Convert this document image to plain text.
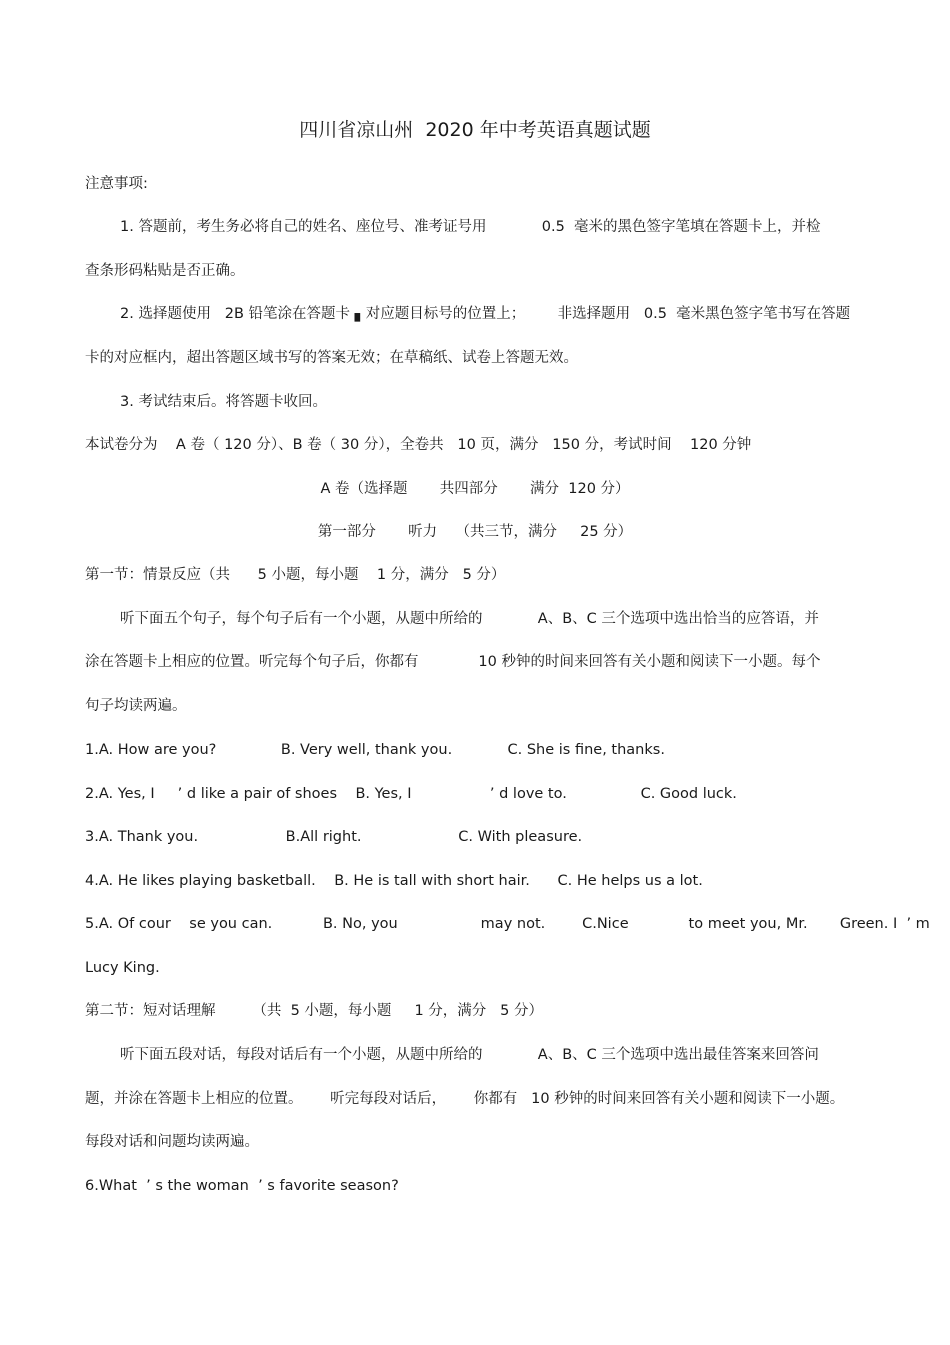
四川省凉山州  2020 年中考英语真题试题
注意事项:
1. 答题前，考生务必将自己的姓名、座位号、准考证号用            0.5  毫米的黑色签字笔填在答题卡上，并检
查条形码粘贴是否正确。
2. 选择题使用   2B 铅笔涂在答题卡 ▖对应题目标号的位置上；       非选择题用   0.5  毫米黑色签字笔书写在答题
卡的对应框内，超出答题区域书写的答案无效；在草稿纸、试卷上答题无效。
3. 考试结束后。将答题卡收回。
本试卷分为    A 卷（ 120 分）、B 卷（ 30 分），全卷共   10 页，满分   150 分，考试时间    120 分钟
A 卷（选择题       共四部分       满分  120 分）
第一部分       听力    （共三节，满分     25 分）
第一节：情景反应（共      5 小题，每小题    1 分，满分   5 分）
听下面五个句子，每个句子后有一个小题，从题中所给的            A、B、C 三个选项中选出恰当的应答语，并
涂在答题卡上相应的位置。听完每个句子后，你都有             10 秒钟的时间来回答有关小题和阅读下一小题。每个
句子均读两遍。
1.A. How are you?              B. Very well, thank you.            C. She is fine, thanks.
2.A. Yes, I     ’ d like a pair of shoes    B. Yes, I                 ’ d love to.                C. Good luck.
3.A. Thank you.                   B.All right.                     C. With pleasure.
4.A. He likes playing basketball.    B. He is tall with short hair.      C. He helps us a lot.
5.A. Of cour    se you can.           B. No, you                  may not.        C.Nice             to meet you, Mr.       Green. I  ’ m
Lucy King.
第二节：短对话理解        （共  5 小题，每小题     1 分，满分   5 分）
听下面五段对话，每段对话后有一个小题，从题中所给的            A、B、C 三个选项中选出最佳答案来回答问
题，并涂在答题卡上相应的位置。      听完每段对话后，      你都有   10 秒钟的时间来回答有关小题和阅读下一小题。
每段对话和问题均读两遍。
6.What  ’ s the woman  ’ s favorite season?
